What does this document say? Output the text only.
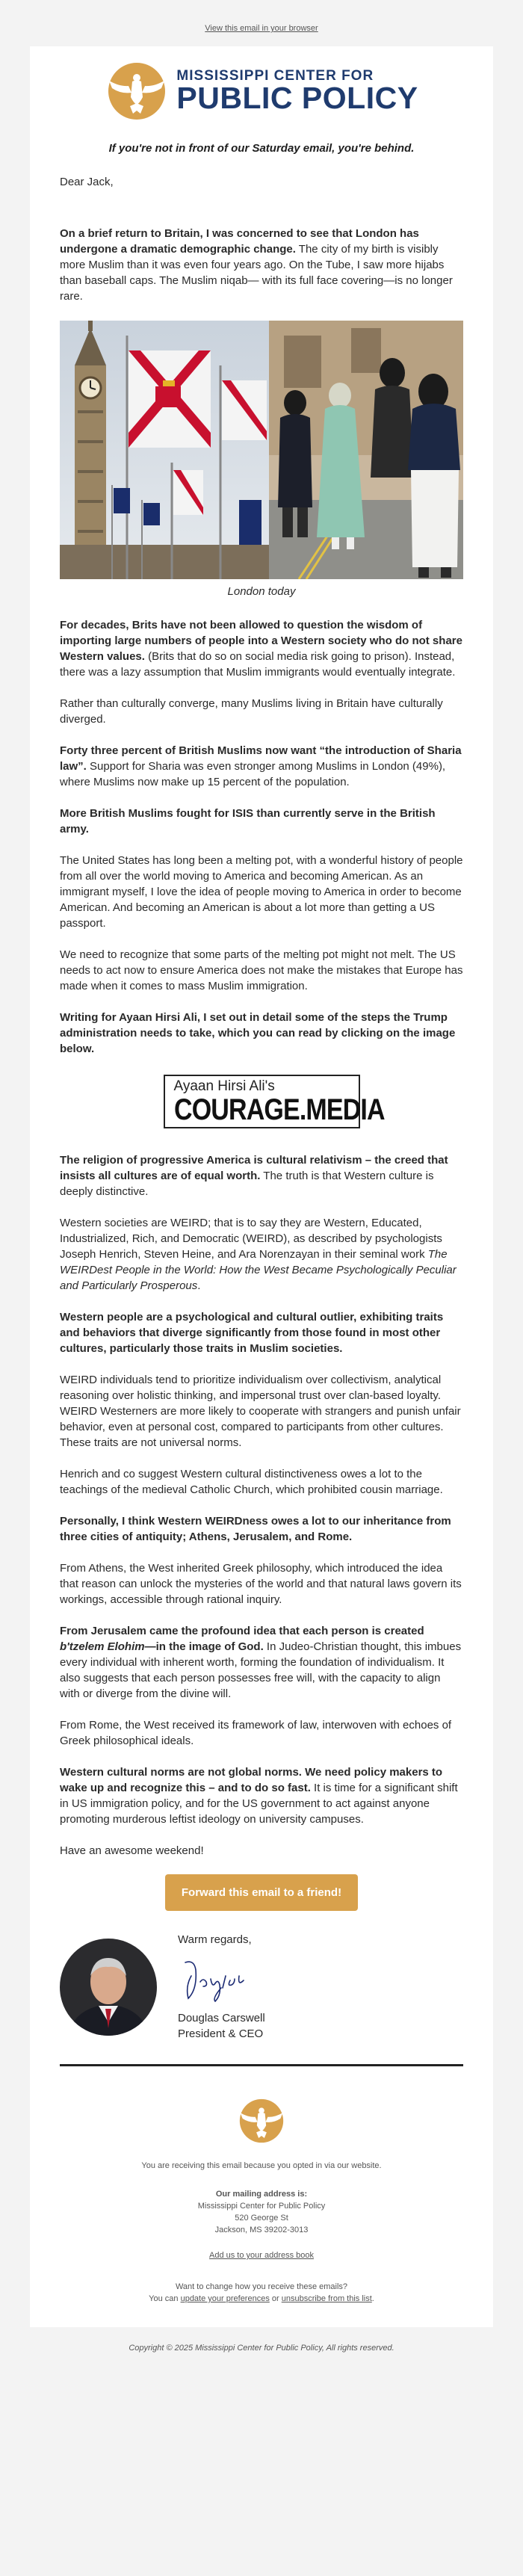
View this email in your browser
MISSISSIPPI CENTER FOR
PUBLIC POLICY
If you're not in front of our Saturday email, you're behind.

Dear Jack,

On a brief return to Britain, I was concerned to see that London has undergone a dramatic demographic change. The city of my birth is visibly more Muslim than it was even four years ago. On the Tube, I saw more hijabs than baseball caps. The Muslim niqab— with its full face covering—is no longer rare.

London today

For decades, Brits have not been allowed to question the wisdom of importing large numbers of people into a Western society who do not share Western values. (Brits that do so on social media risk going to prison). Instead, there was a lazy assumption that Muslim immigrants would eventually integrate.

Rather than culturally converge, many Muslims living in Britain have culturally diverged.

Forty three percent of British Muslims now want “the introduction of Sharia law”. Support for Sharia was even stronger among Muslims in London (49%), where Muslims now make up 15 percent of the population.

More British Muslims fought for ISIS than currently serve in the British army.

The United States has long been a melting pot, with a wonderful history of people from all over the world moving to America and becoming American. As an immigrant myself, I love the idea of people moving to America in order to become American. And becoming an American is about a lot more than getting a US passport.

We need to recognize that some parts of the melting pot might not melt. The US needs to act now to ensure America does not make the mistakes that Europe has made when it comes to mass Muslim immigration.

Writing for Ayaan Hirsi Ali, I set out in detail some of the steps the Trump administration needs to take, which you can read by clicking on the image below.

Ayaan Hirsi Ali's
COURAGE.MEDIA

The religion of progressive America is cultural relativism – the creed that insists all cultures are of equal worth. The truth is that Western culture is deeply distinctive.

Western societies are WEIRD; that is to say they are Western, Educated, Industrialized, Rich, and Democratic (WEIRD), as described by psychologists Joseph Henrich, Steven Heine, and Ara Norenzayan in their seminal work The WEIRDest People in the World: How the West Became Psychologically Peculiar and Particularly Prosperous.

Western people are a psychological and cultural outlier, exhibiting traits and behaviors that diverge significantly from those found in most other cultures, particularly those traits in Muslim societies.

WEIRD individuals tend to prioritize individualism over collectivism, analytical reasoning over holistic thinking, and impersonal trust over clan-based loyalty. WEIRD Westerners are more likely to cooperate with strangers and punish unfair behavior, even at personal cost, compared to participants from other cultures. These traits are not universal norms.

Henrich and co suggest Western cultural distinctiveness owes a lot to the teachings of the medieval Catholic Church, which prohibited cousin marriage.

Personally, I think Western WEIRDness owes a lot to our inheritance from three cities of antiquity; Athens, Jerusalem, and Rome.

From Athens, the West inherited Greek philosophy, which introduced the idea that reason can unlock the mysteries of the world and that natural laws govern its workings, accessible through rational inquiry.

From Jerusalem came the profound idea that each person is created b'tzelem Elohim—in the image of God. In Judeo-Christian thought, this imbues every individual with inherent worth, forming the foundation of individualism. It also suggests that each person possesses free will, with the capacity to align with or diverge from the divine will.

From Rome, the West received its framework of law, interwoven with echoes of Greek philosophical ideals.

Western cultural norms are not global norms. We need policy makers to wake up and recognize this – and to do so fast. It is time for a significant shift in US immigration policy, and for the US government to act against anyone promoting murderous leftist ideology on university campuses.

Have an awesome weekend!

Forward this email to a friend!
Warm regards,
Douglas Carswell
President & CEO
You are receiving this email because you opted in via our website.
Our mailing address is:
Mississippi Center for Public Policy
520 George St
Jackson, MS 39202-3013
Add us to your address book
Want to change how you receive these emails?
You can update your preferences or unsubscribe from this list.
Copyright © 2025 Mississippi Center for Public Policy, All rights reserved.
